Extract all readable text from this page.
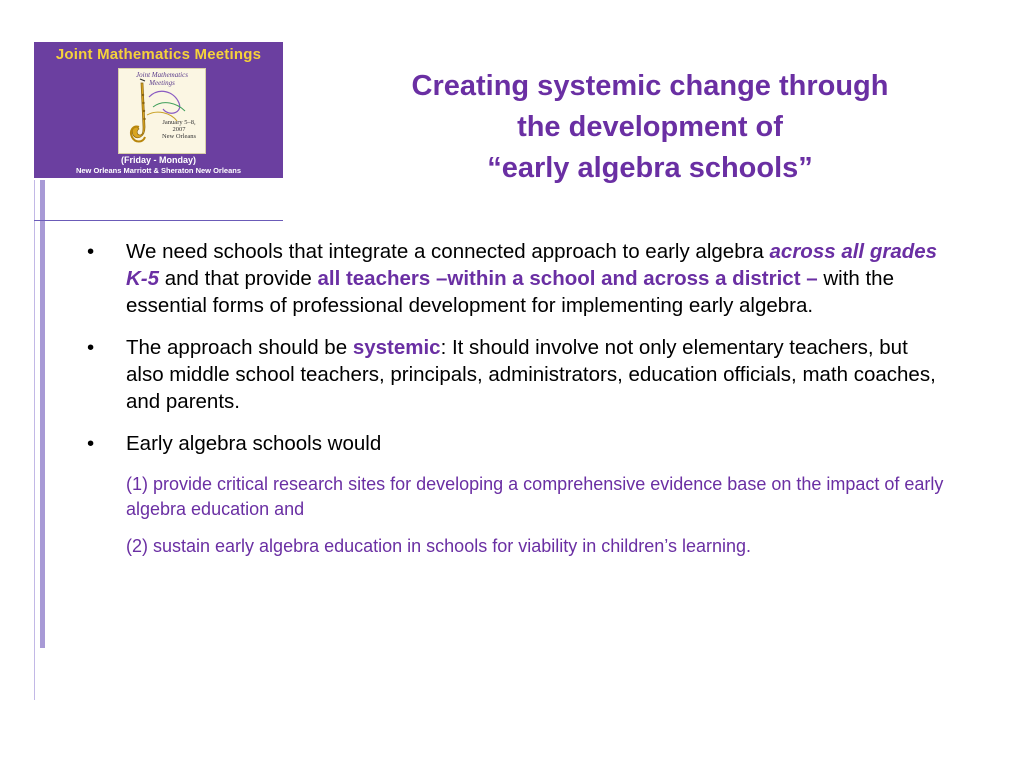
Joint Mathematics Meetings
Joint Mathematics Meetings
January 5–8, 2007
New Orleans
(Friday - Monday)
New Orleans Marriott & Sheraton New Orleans
Creating systemic change through
the development of
“early algebra schools”
• We need schools that integrate a connected approach to early algebra across all grades K-5 and that provide all teachers –within a school and across a district – with the essential forms of professional development for implementing early algebra.
• The approach should be systemic: It should involve not only elementary teachers, but also middle school teachers, principals, administrators, education officials, math coaches, and parents.
• Early algebra schools would
(1) provide critical research sites for developing a comprehensive evidence base on the impact of early algebra education and
(2) sustain early algebra education in schools for viability in children’s learning.
